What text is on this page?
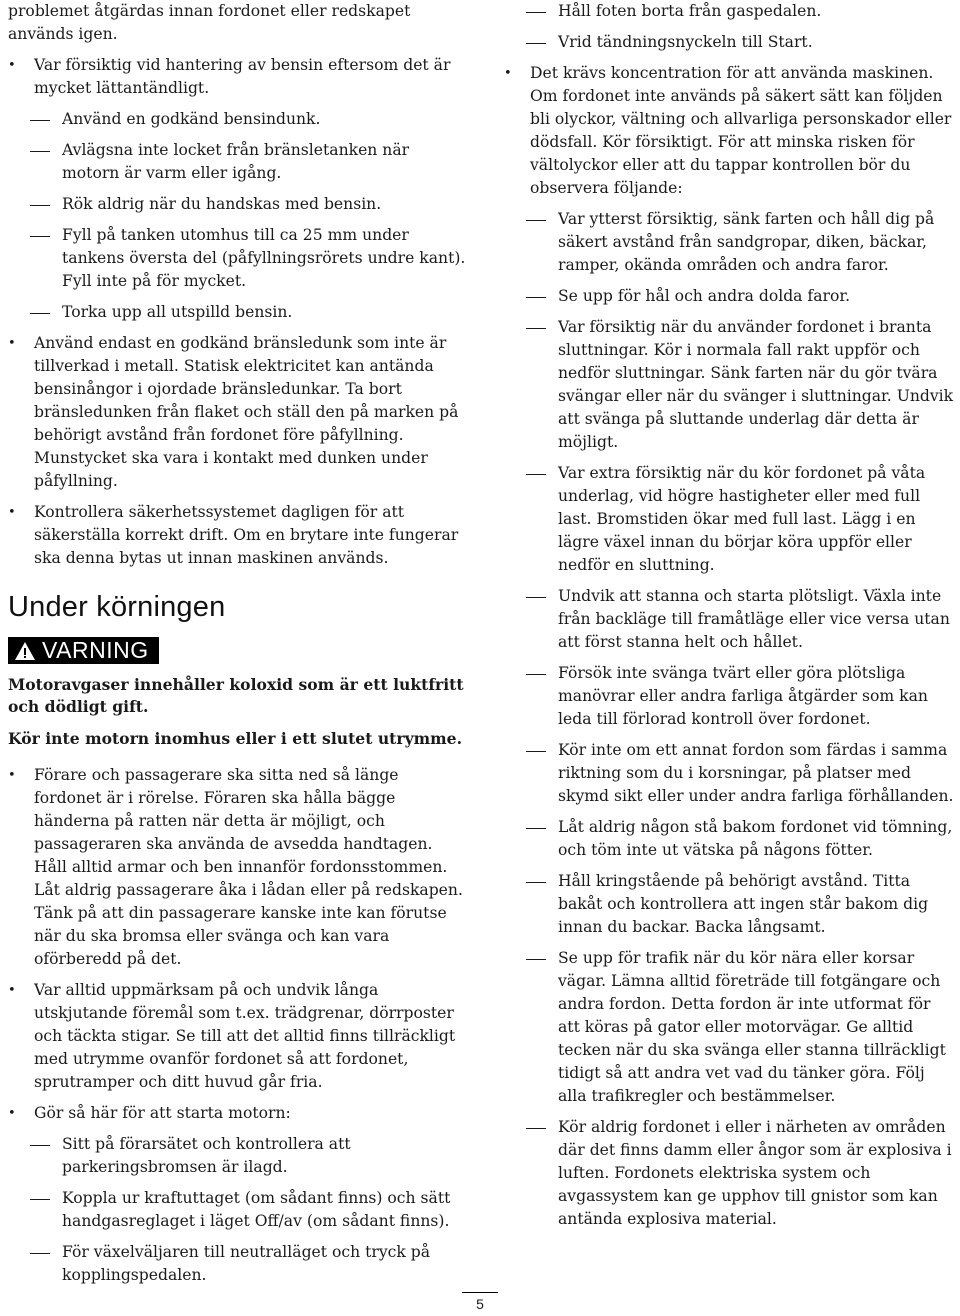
problemet åtgärdas innan fordonet eller redskapet används igen.

• Var försiktig vid hantering av bensin eftersom det är mycket lättantändligt.

Använd en godkänd bensindunk.

Avlägsna inte locket från bränsletanken när motorn är varm eller igång.

Rök aldrig när du handskas med bensin.

Fyll på tanken utomhus till ca 25 mm under tankens översta del (påfyllningsrörets undre kant). Fyll inte på för mycket.

Torka upp all utspilld bensin.

• Använd endast en godkänd bränsledunk som inte är tillverkad i metall. Statisk elektricitet kan antända bensinångor i ojordade bränsledunkar. Ta bort bränsledunken från flaket och ställ den på marken på behörigt avstånd från fordonet före påfyllning. Munstycket ska vara i kontakt med dunken under påfyllning.

• Kontrollera säkerhetssystemet dagligen för att säkerställa korrekt drift. Om en brytare inte fungerar ska denna bytas ut innan maskinen används.

Under körningen
VARNING

Motoravgaser innehåller koloxid som är ett luktfritt och dödligt gift.

Kör inte motorn inomhus eller i ett slutet utrymme.

• Förare och passagerare ska sitta ned så länge fordonet är i rörelse. Föraren ska hålla bägge händerna på ratten när detta är möjligt, och passageraren ska använda de avsedda handtagen. Håll alltid armar och ben innanför fordonsstommen. Låt aldrig passagerare åka i lådan eller på redskapen. Tänk på att din passagerare kanske inte kan förutse när du ska bromsa eller svänga och kan vara oförberedd på det.

• Var alltid uppmärksam på och undvik långa utskjutande föremål som t.ex. trädgrenar, dörrposter och täckta stigar. Se till att det alltid finns tillräckligt med utrymme ovanför fordonet så att fordonet, sprutramper och ditt huvud går fria.

• Gör så här för att starta motorn:

Sitt på förarsätet och kontrollera att parkeringsbromsen är ilagd.

Koppla ur kraftuttaget (om sådant finns) och sätt handgasreglaget i läget Off/av (om sådant finns).

För växelväljaren till neutralläget och tryck på kopplingspedalen.

Håll foten borta från gaspedalen.

Vrid tändningsnyckeln till Start.

• Det krävs koncentration för att använda maskinen. Om fordonet inte används på säkert sätt kan följden bli olyckor, vältning och allvarliga personskador eller dödsfall. Kör försiktigt. För att minska risken för vältolyckor eller att du tappar kontrollen bör du observera följande:

Var ytterst försiktig, sänk farten och håll dig på säkert avstånd från sandgropar, diken, bäckar, ramper, okända områden och andra faror.

Se upp för hål och andra dolda faror.

Var försiktig när du använder fordonet i branta sluttningar. Kör i normala fall rakt uppför och nedför sluttningar. Sänk farten när du gör tvära svängar eller när du svänger i sluttningar. Undvik att svänga på sluttande underlag där detta är möjligt.

Var extra försiktig när du kör fordonet på våta underlag, vid högre hastigheter eller med full last. Bromstiden ökar med full last. Lägg i en lägre växel innan du börjar köra uppför eller nedför en sluttning.

Undvik att stanna och starta plötsligt. Växla inte från backläge till framåtläge eller vice versa utan att först stanna helt och hållet.

Försök inte svänga tvärt eller göra plötsliga manövrar eller andra farliga åtgärder som kan leda till förlorad kontroll över fordonet.

Kör inte om ett annat fordon som färdas i samma riktning som du i korsningar, på platser med skymd sikt eller under andra farliga förhållanden.

Låt aldrig någon stå bakom fordonet vid tömning, och töm inte ut vätska på någons fötter.

Håll kringstående på behörigt avstånd. Titta bakåt och kontrollera att ingen står bakom dig innan du backar. Backa långsamt.

Se upp för trafik när du kör nära eller korsar vägar. Lämna alltid företräde till fotgängare och andra fordon. Detta fordon är inte utformat för att köras på gator eller motorvägar. Ge alltid tecken när du ska svänga eller stanna tillräckligt tidigt så att andra vet vad du tänker göra. Följ alla trafikregler och bestämmelser.

Kör aldrig fordonet i eller i närheten av områden där det finns damm eller ångor som är explosiva i luften. Fordonets elektriska system och avgassystem kan ge upphov till gnistor som kan antända explosiva material.

5
